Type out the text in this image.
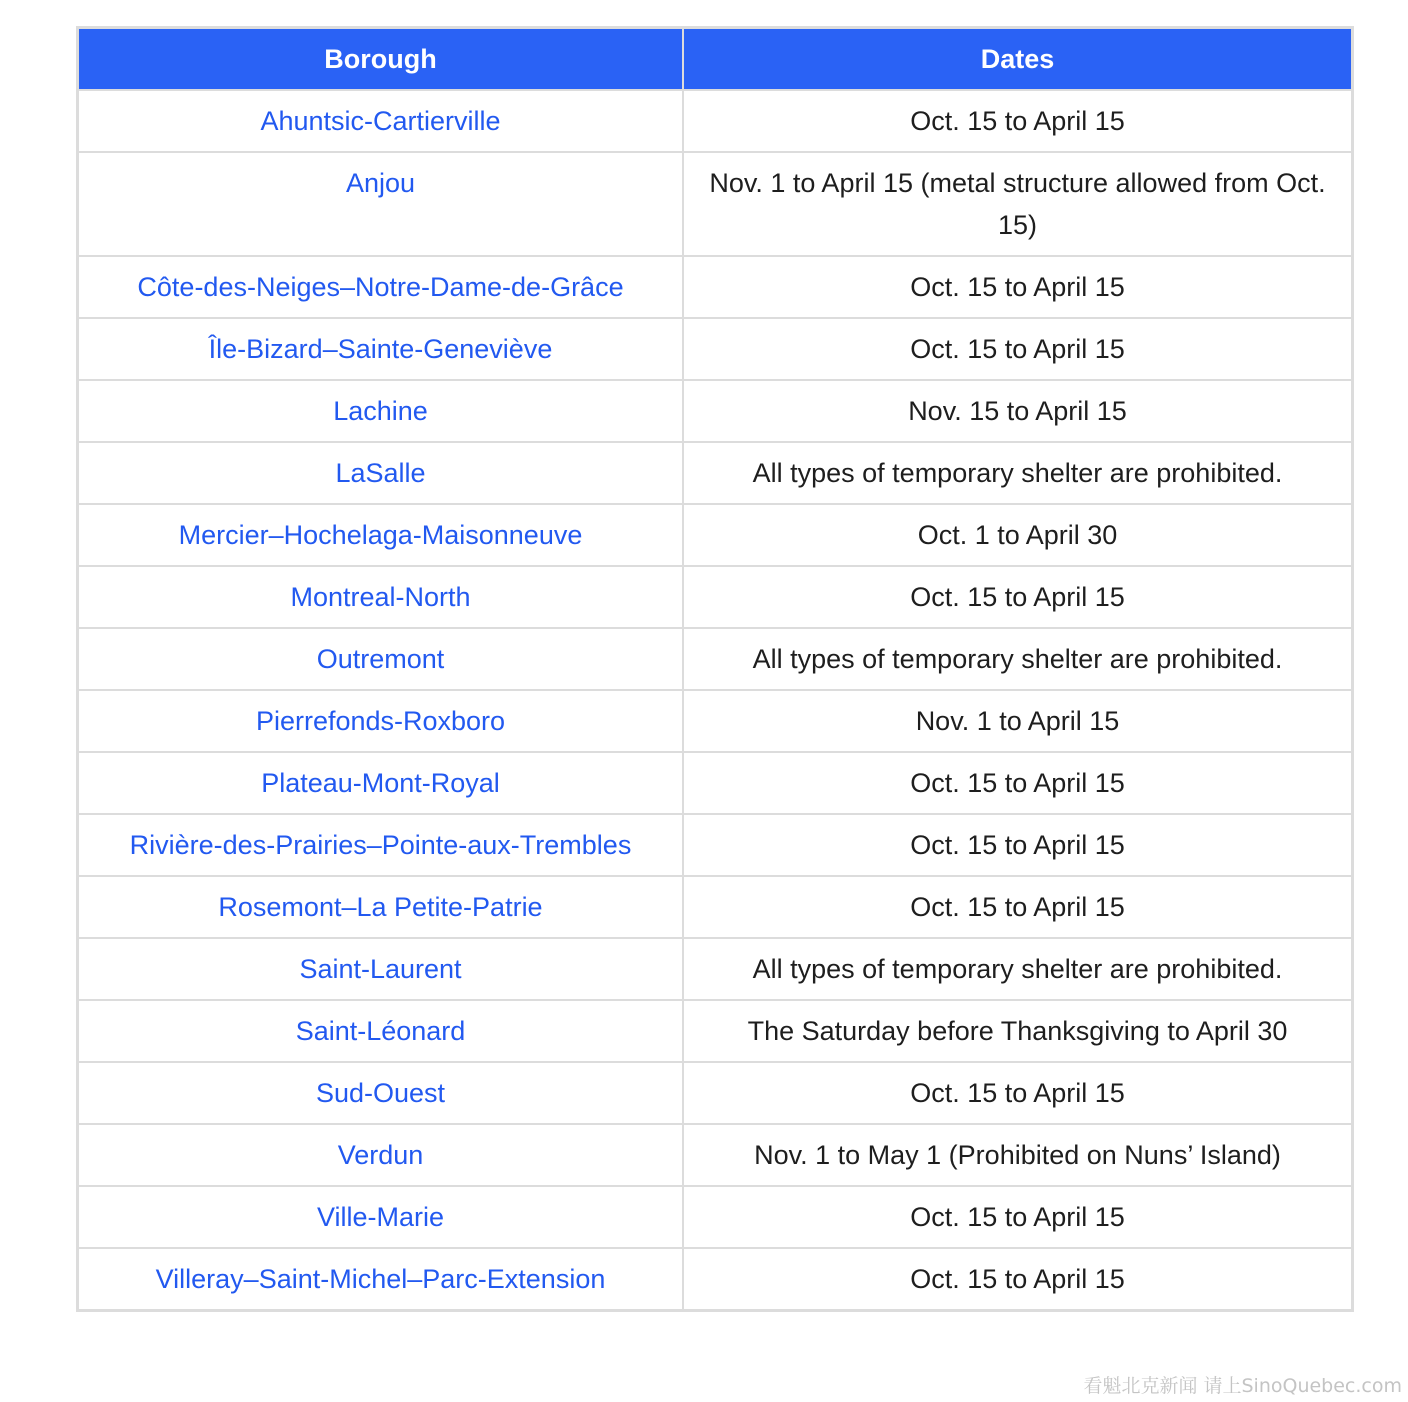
Borough	Dates
Ahuntsic-Cartierville	Oct. 15 to April 15
Anjou	Nov. 1 to April 15 (metal structure allowed from Oct. 15)
Côte-des-Neiges–Notre-Dame-de-Grâce	Oct. 15 to April 15
Île-Bizard–Sainte-Geneviève	Oct. 15 to April 15
Lachine	Nov. 15 to April 15
LaSalle	All types of temporary shelter are prohibited.
Mercier–Hochelaga-Maisonneuve	Oct. 1 to April 30
Montreal-North	Oct. 15 to April 15
Outremont	All types of temporary shelter are prohibited.
Pierrefonds-Roxboro	Nov. 1 to April 15
Plateau-Mont-Royal	Oct. 15 to April 15
Rivière-des-Prairies–Pointe-aux-Trembles	Oct. 15 to April 15
Rosemont–La Petite-Patrie	Oct. 15 to April 15
Saint-Laurent	All types of temporary shelter are prohibited.
Saint-Léonard	The Saturday before Thanksgiving to April 30
Sud-Ouest	Oct. 15 to April 15
Verdun	Nov. 1 to May 1 (Prohibited on Nuns’ Island)
Ville-Marie	Oct. 15 to April 15
Villeray–Saint-Michel–Parc-Extension	Oct. 15 to April 15
看魁北克新闻 请上SinoQuebec.com
